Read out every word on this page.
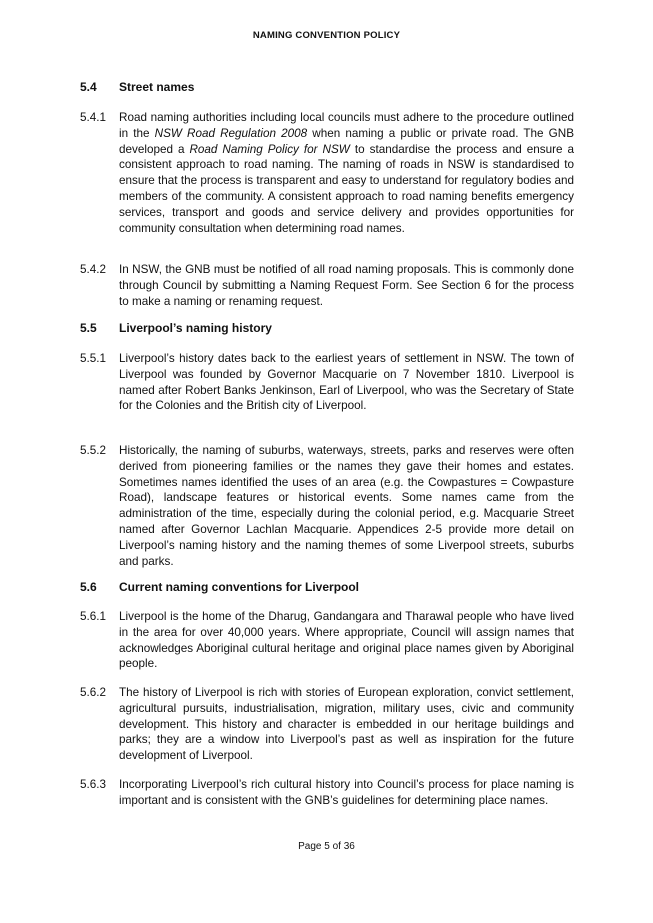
NAMING CONVENTION POLICY
5.4 Street names
5.4.1	Road naming authorities including local councils must adhere to the procedure outlined in the NSW Road Regulation 2008 when naming a public or private road. The GNB developed a Road Naming Policy for NSW to standardise the process and ensure a consistent approach to road naming. The naming of roads in NSW is standardised to ensure that the process is transparent and easy to understand for regulatory bodies and members of the community. A consistent approach to road naming benefits emergency services, transport and goods and service delivery and provides opportunities for community consultation when determining road names.
5.4.2	In NSW, the GNB must be notified of all road naming proposals. This is commonly done through Council by submitting a Naming Request Form. See Section 6 for the process to make a naming or renaming request.
5.5 Liverpool’s naming history
5.5.1	Liverpool’s history dates back to the earliest years of settlement in NSW. The town of Liverpool was founded by Governor Macquarie on 7 November 1810. Liverpool is named after Robert Banks Jenkinson, Earl of Liverpool, who was the Secretary of State for the Colonies and the British city of Liverpool.
5.5.2	Historically, the naming of suburbs, waterways, streets, parks and reserves were often derived from pioneering families or the names they gave their homes and estates. Sometimes names identified the uses of an area (e.g. the Cowpastures = Cowpasture Road), landscape features or historical events. Some names came from the administration of the time, especially during the colonial period, e.g. Macquarie Street named after Governor Lachlan Macquarie. Appendices 2-5 provide more detail on Liverpool’s naming history and the naming themes of some Liverpool streets, suburbs and parks.
5.6 Current naming conventions for Liverpool
5.6.1	Liverpool is the home of the Dharug, Gandangara and Tharawal people who have lived in the area for over 40,000 years. Where appropriate, Council will assign names that acknowledges Aboriginal cultural heritage and original place names given by Aboriginal people.
5.6.2	The history of Liverpool is rich with stories of European exploration, convict settlement, agricultural pursuits, industrialisation, migration, military uses, civic and community development. This history and character is embedded in our heritage buildings and parks; they are a window into Liverpool’s past as well as inspiration for the future development of Liverpool.
5.6.3	Incorporating Liverpool’s rich cultural history into Council’s process for place naming is important and is consistent with the GNB’s guidelines for determining place names.
Page 5 of 36
